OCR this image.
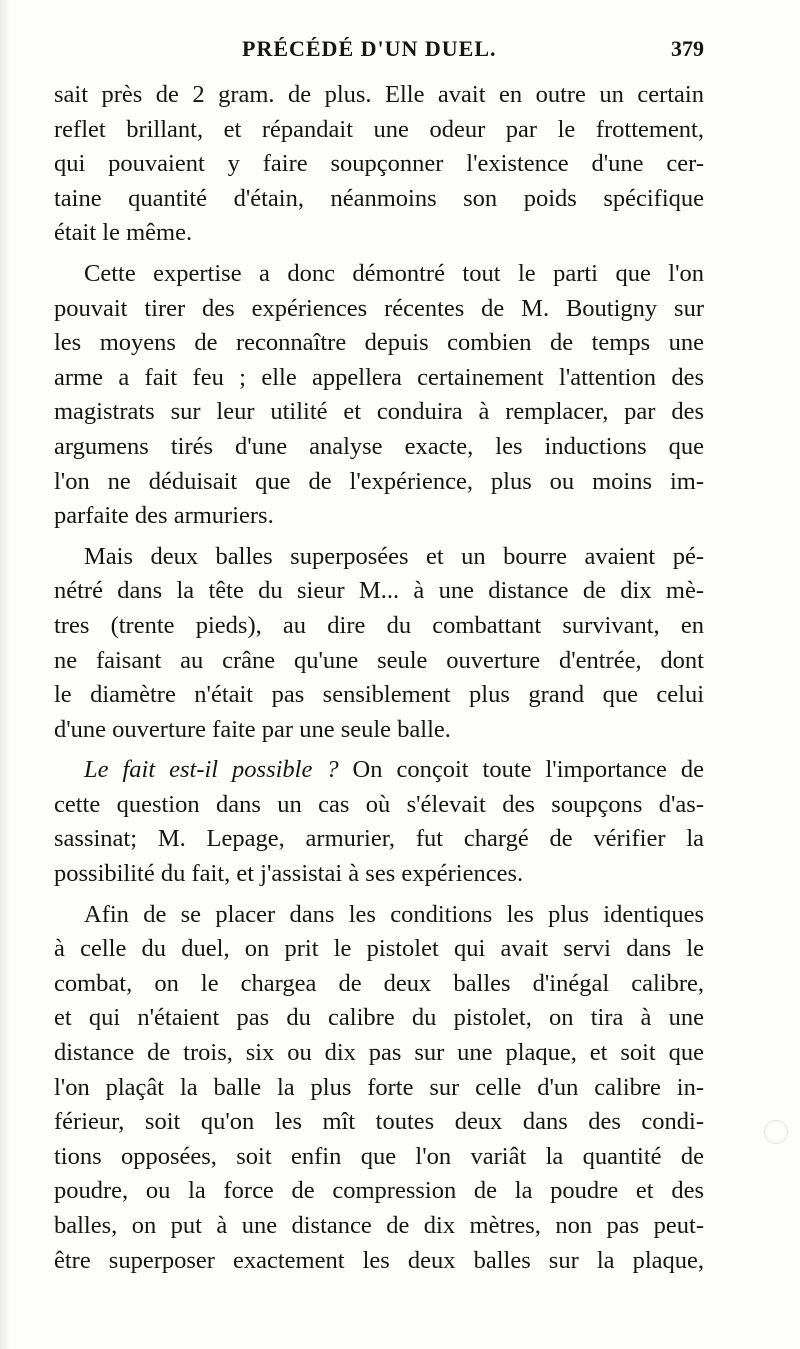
PRÉCÉDÉ D'UN DUEL.	379
sait près de 2 gram. de plus. Elle avait en outre un certain
reflet brillant, et répandait une odeur par le frottement,
qui pouvaient y faire soupçonner l'existence d'une cer-
taine quantité d'étain, néanmoins son poids spécifique
était le même.
Cette expertise a donc démontré tout le parti que l'on
pouvait tirer des expériences récentes de M. Boutigny sur
les moyens de reconnaître depuis combien de temps une
arme a fait feu ; elle appellera certainement l'attention des
magistrats sur leur utilité et conduira à remplacer, par des
argumens tirés d'une analyse exacte, les inductions que
l'on ne déduisait que de l'expérience, plus ou moins im-
parfaite des armuriers.
Mais deux balles superposées et un bourre avaient pé-
nétré dans la tête du sieur M... à une distance de dix mè-
tres (trente pieds), au dire du combattant survivant, en
ne faisant au crâne qu'une seule ouverture d'entrée, dont
le diamètre n'était pas sensiblement plus grand que celui
d'une ouverture faite par une seule balle.
Le fait est-il possible ? On conçoit toute l'importance de
cette question dans un cas où s'élevait des soupçons d'as-
sassinat; M. Lepage, armurier, fut chargé de vérifier la
possibilité du fait, et j'assistai à ses expériences.
Afin de se placer dans les conditions les plus identiques
à celle du duel, on prit le pistolet qui avait servi dans le
combat, on le chargea de deux balles d'inégal calibre,
et qui n'étaient pas du calibre du pistolet, on tira à une
distance de trois, six ou dix pas sur une plaque, et soit que
l'on plaçât la balle la plus forte sur celle d'un calibre in-
férieur, soit qu'on les mît toutes deux dans des condi-
tions opposées, soit enfin que l'on variât la quantité de
poudre, ou la force de compression de la poudre et des
balles, on put à une distance de dix mètres, non pas peut-
être superposer exactement les deux balles sur la plaque,
